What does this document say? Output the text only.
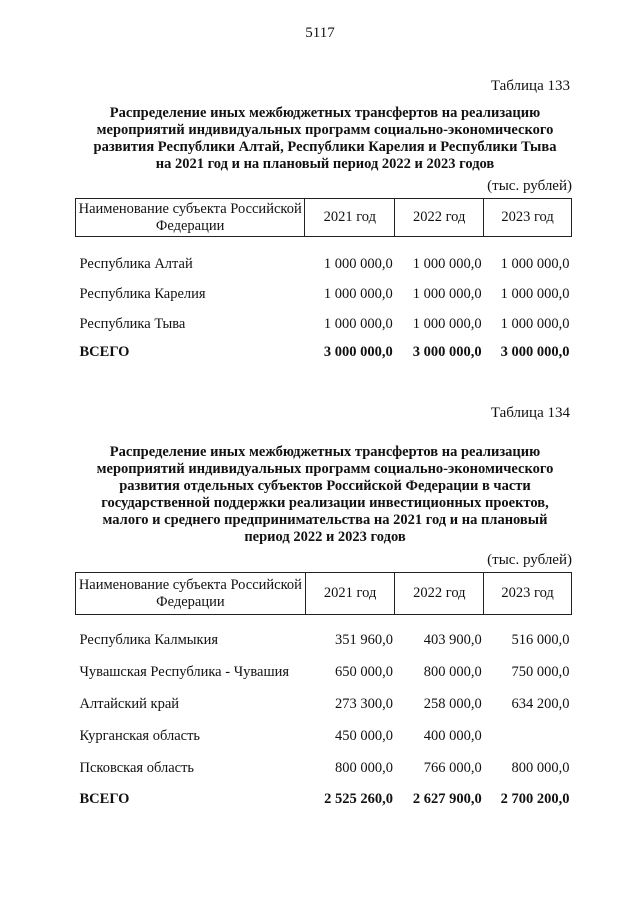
5117
Таблица 133
Распределение иных межбюджетных трансфертов на реализацию
мероприятий индивидуальных программ социально-экономического
развития Республики Алтай, Республики Карелия и Республики Тыва
на 2021 год и на плановый период 2022 и 2023 годов
(тыс. рублей)
Наименование субъекта Российской Федерации	2021 год	2022 год	2023 год

Республика Алтай	1 000 000,0	1 000 000,0	1 000 000,0
Республика Карелия	1 000 000,0	1 000 000,0	1 000 000,0
Республика Тыва	1 000 000,0	1 000 000,0	1 000 000,0
ВСЕГО	3 000 000,0	3 000 000,0	3 000 000,0
Таблица 134
Распределение иных межбюджетных трансфертов на реализацию
мероприятий индивидуальных программ социально-экономического
развития отдельных субъектов Российской Федерации в части
государственной поддержки реализации инвестиционных проектов,
малого и среднего предпринимательства на 2021 год и на плановый
период 2022 и 2023 годов
(тыс. рублей)
Наименование субъекта Российской Федерации	2021 год	2022 год	2023 год

Республика Калмыкия	351 960,0	403 900,0	516 000,0
Чувашская Республика - Чувашия	650 000,0	800 000,0	750 000,0
Алтайский край	273 300,0	258 000,0	634 200,0
Курганская область	450 000,0	400 000,0	
Псковская область	800 000,0	766 000,0	800 000,0
ВСЕГО	2 525 260,0	2 627 900,0	2 700 200,0
